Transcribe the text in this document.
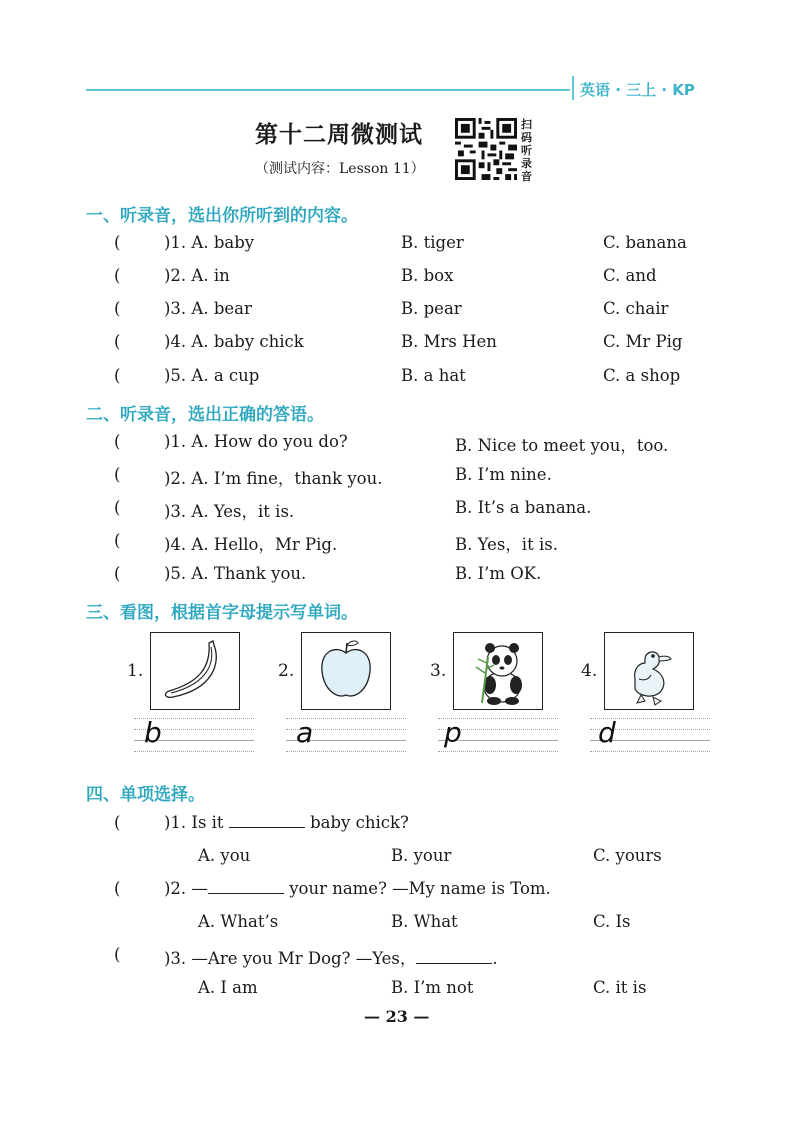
英语 · 三上 · KP
第十二周微测试
（测试内容：Lesson 11）
扫
码
听
录
音
一、听录音，选出你所听到的内容。
(	)1. A. baby	B. tiger	C. banana
(	)2. A. in	B. box	C. and
(	)3. A. bear	B. pear	C. chair
(	)4. A. baby chick	B. Mrs Hen	C. Mr Pig
(	)5. A. a cup	B. a hat	C. a shop
二、听录音，选出正确的答语。
(	)1. A. How do you do?	B. Nice to meet you，too.
(	)2. A. I’m fine，thank you.	B. I’m nine.
(	)3. A. Yes，it is.	B. It’s a banana.
(	)4. A. Hello，Mr Pig.	B. Yes，it is.
(	)5. A. Thank you.	B. I’m OK.
三、看图，根据首字母提示写单词。
1.	2.	3.	4.
b	a	p	d
四、单项选择。
(	)1. Is it	baby chick?
A. you	B. your	C. yours
(	)2. —	your name? —My name is Tom.
A. What’s	B. What	C. Is
(	)3. —Are you Mr Dog? —Yes，	.
A. I am	B. I’m not	C. it is
— 23 —
